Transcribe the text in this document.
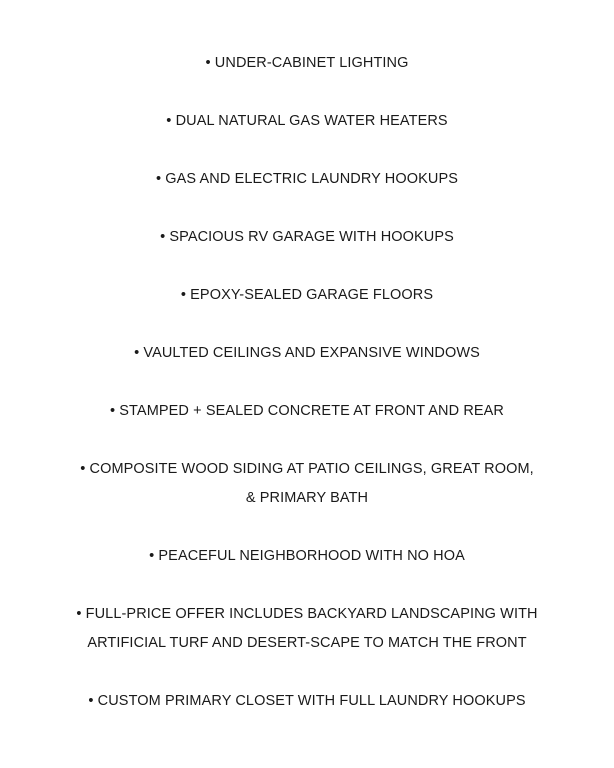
• UNDER-CABINET LIGHTING
• DUAL NATURAL GAS WATER HEATERS
• GAS AND ELECTRIC LAUNDRY HOOKUPS
• SPACIOUS RV GARAGE WITH HOOKUPS
• EPOXY-SEALED GARAGE FLOORS
• VAULTED CEILINGS AND EXPANSIVE WINDOWS
• STAMPED + SEALED CONCRETE AT FRONT AND REAR
• COMPOSITE WOOD SIDING AT PATIO CEILINGS, GREAT ROOM,
& PRIMARY BATH
• PEACEFUL NEIGHBORHOOD WITH NO HOA
• FULL-PRICE OFFER INCLUDES BACKYARD LANDSCAPING WITH
ARTIFICIAL TURF AND DESERT-SCAPE TO MATCH THE FRONT
• CUSTOM PRIMARY CLOSET WITH FULL LAUNDRY HOOKUPS
